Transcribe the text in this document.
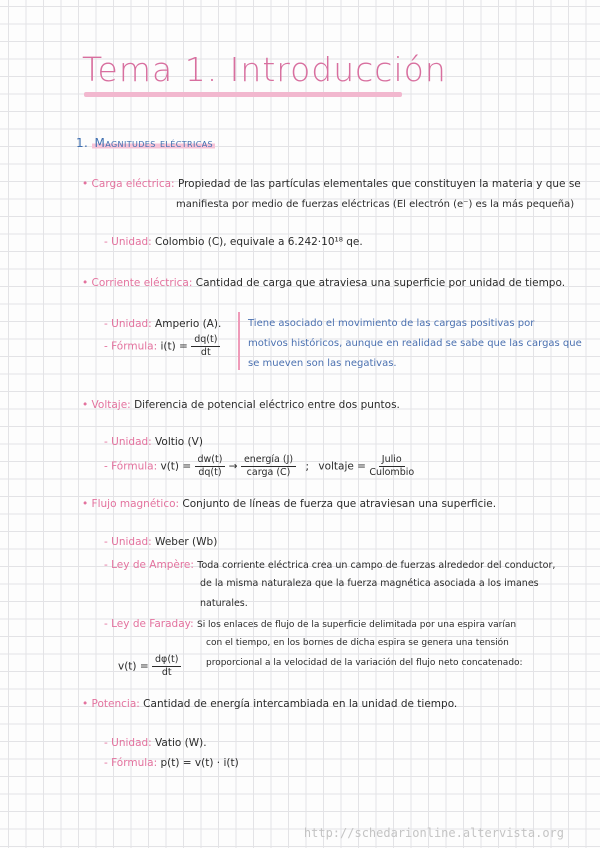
Tema 1. Introducción
1. Magnitudes eléctricas
• Carga eléctrica: Propiedad de las partículas elementales que constituyen la materia y que se
manifiesta por medio de fuerzas eléctricas (El electrón (e⁻) es la más pequeña)
- Unidad: Colombio (C), equivale a 6.242·10¹⁸ qe.
• Corriente eléctrica: Cantidad de carga que atraviesa una superficie por unidad de tiempo.
- Unidad: Amperio (A).
- Fórmula: $i(t) = \frac{dq(t)}{dt}$
Tiene asociado el movimiento de las cargas positivas por
motivos históricos, aunque en realidad se sabe que las cargas que
se mueven son las negativas.
• Voltaje: Diferencia de potencial eléctrico entre dos puntos.
- Unidad: Voltio (V)
- Fórmula: $v(t) = \frac{dw(t)}{dq(t)} \to \frac{\text{energía (J)}}{\text{carga (C)}}$ ; voltaje = $\frac{\text{Julio}}{\text{Culombio}}$
• Flujo magnético: Conjunto de líneas de fuerza que atraviesan una superficie.
- Unidad: Weber (Wb)
- Ley de Ampère: Toda corriente eléctrica crea un campo de fuerzas alrededor del conductor,
de la misma naturaleza que la fuerza magnética asociada a los imanes
naturales.
- Ley de Faraday: Si los enlaces de flujo de la superficie delimitada por una espira varían
con el tiempo, en los bornes de dicha espira se genera una tensión
proporcional a la velocidad de la variación del flujo neto concatenado:
$v(t) = \frac{d\varphi(t)}{dt}$
• Potencia: Cantidad de energía intercambiada en la unidad de tiempo.
- Unidad: Vatio (W).
- Fórmula: p(t) = v(t) · i(t)
http://schedarionline.altervista.org
